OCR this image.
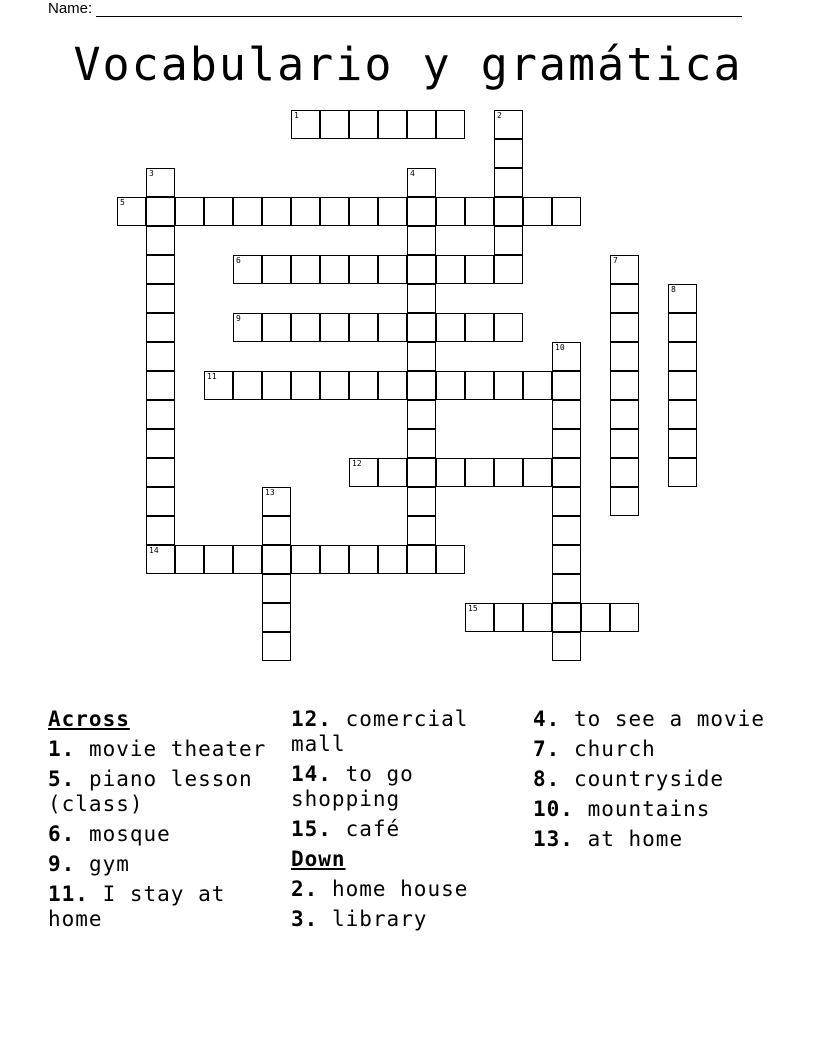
Name:
Vocabulario y gramática
1	2
3	4
5
6	7
8
9
10
11
12
13
14
15
Across
1. movie theater
5. piano lesson (class)
6. mosque
9. gym
11. I stay at home
12. comercial mall
14. to go shopping
15. café
Down
2. home house
3. library
4. to see a movie
7. church
8. countryside
10. mountains
13. at home
